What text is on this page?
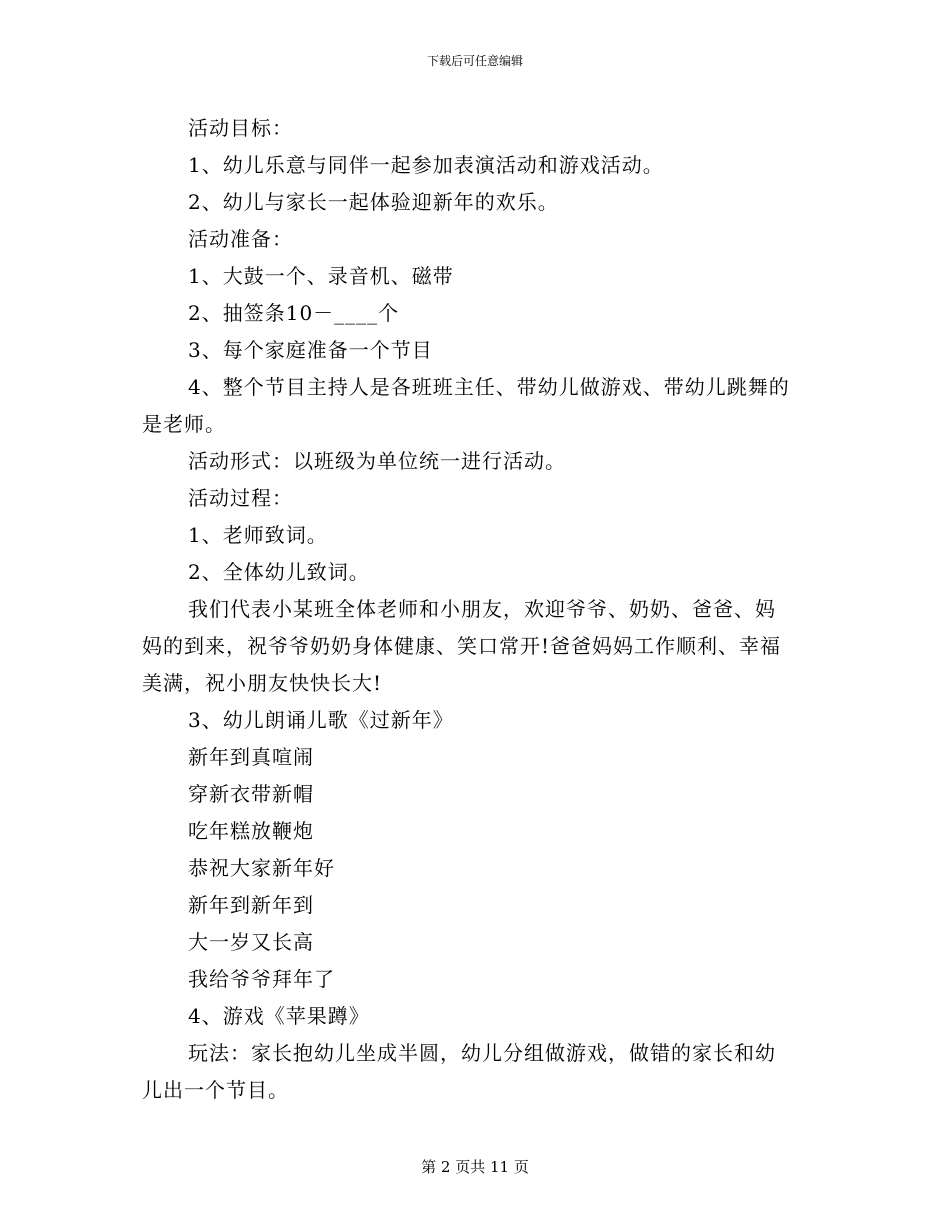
下载后可任意编辑
活动目标：
1、幼儿乐意与同伴一起参加表演活动和游戏活动。
2、幼儿与家长一起体验迎新年的欢乐。
活动准备：
1、大鼓一个、录音机、磁带
2、抽签条10－____个
3、每个家庭准备一个节目
4、整个节目主持人是各班班主任、带幼儿做游戏、带幼儿跳舞的
是老师。
活动形式：以班级为单位统一进行活动。
活动过程：
1、老师致词。
2、全体幼儿致词。
我们代表小某班全体老师和小朋友，欢迎爷爷、奶奶、爸爸、妈
妈的到来，祝爷爷奶奶身体健康、笑口常开!爸爸妈妈工作顺利、幸福
美满，祝小朋友快快长大!
3、幼儿朗诵儿歌《过新年》
新年到真喧闹
穿新衣带新帽
吃年糕放鞭炮
恭祝大家新年好
新年到新年到
大一岁又长高
我给爷爷拜年了
4、游戏《苹果蹲》
玩法：家长抱幼儿坐成半圆，幼儿分组做游戏，做错的家长和幼
儿出一个节目。
第 2 页共 11 页
